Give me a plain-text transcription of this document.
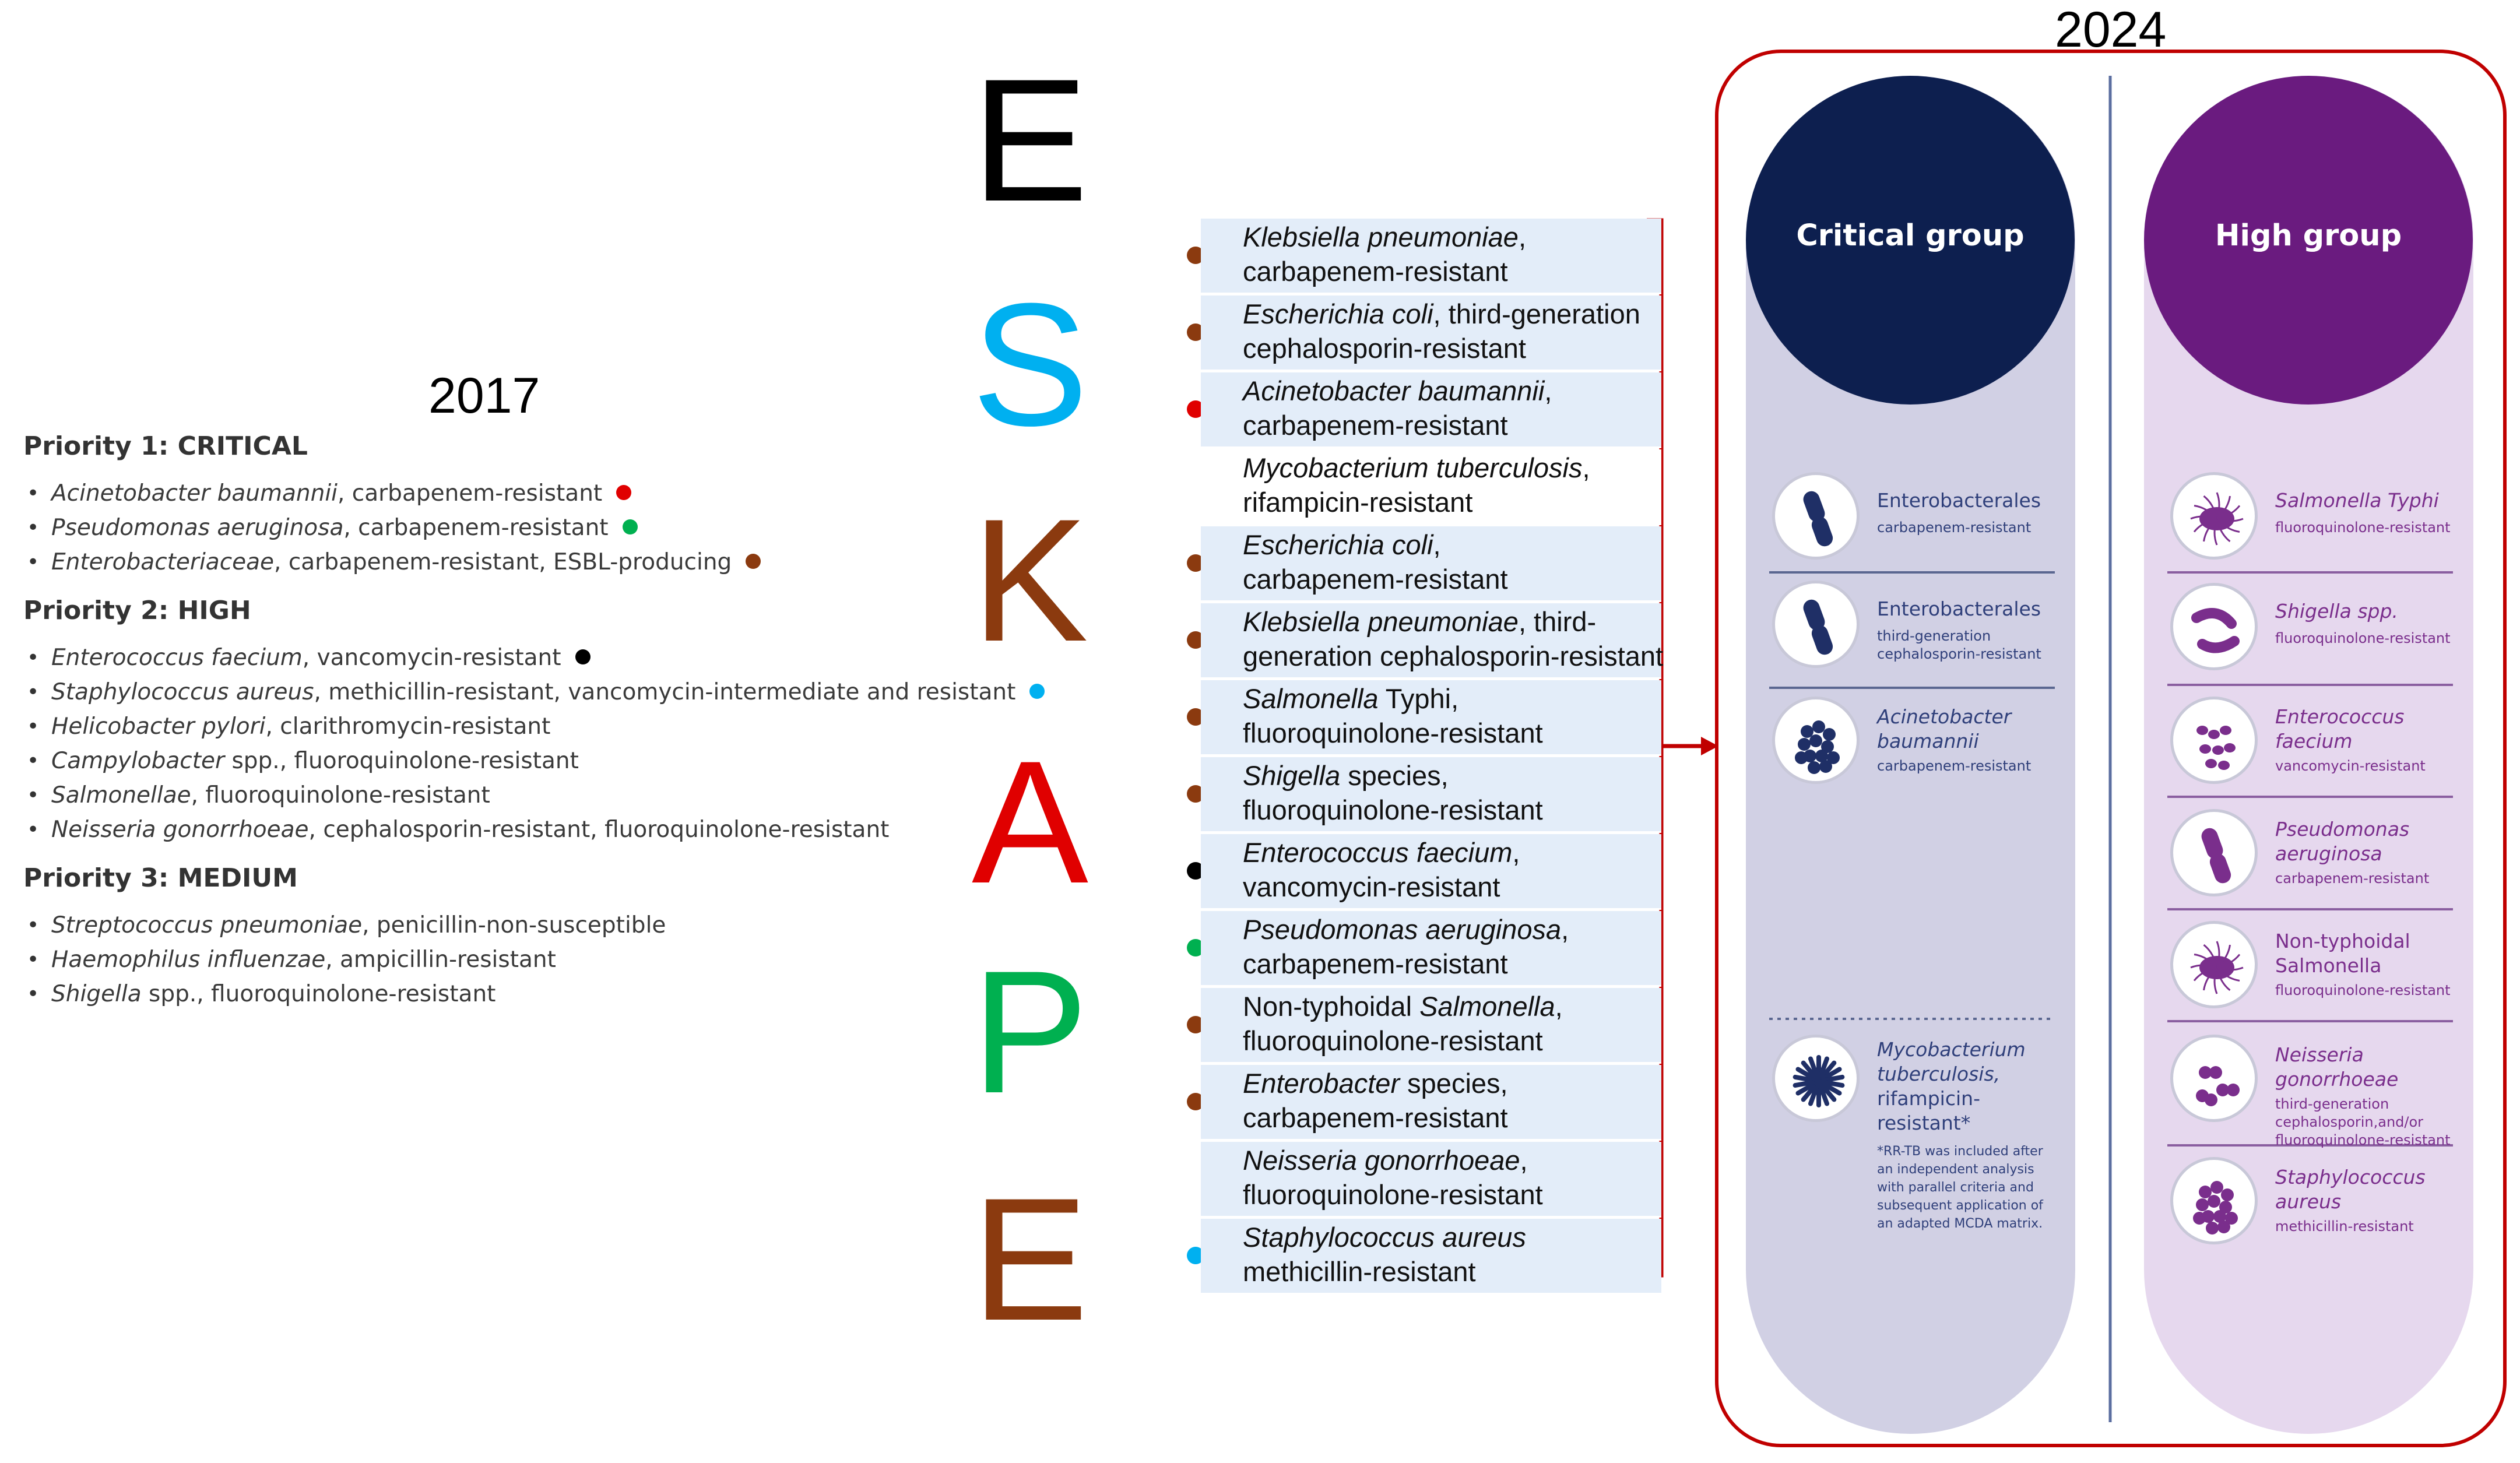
2017
2024
Priority 1: CRITICAL
• Acinetobacter baumannii, carbapenem-resistant
• Pseudomonas aeruginosa, carbapenem-resistant
• Enterobacteriaceae, carbapenem-resistant, ESBL-producing
Priority 2: HIGH
• Enterococcus faecium, vancomycin-resistant
• Staphylococcus aureus, methicillin-resistant, vancomycin-intermediate and resistant
• Helicobacter pylori, clarithromycin-resistant
• Campylobacter spp., fluoroquinolone-resistant
• Salmonellae, fluoroquinolone-resistant
• Neisseria gonorrhoeae, cephalosporin-resistant, fluoroquinolone-resistant
Priority 3: MEDIUM
• Streptococcus pneumoniae, penicillin-non-susceptible
• Haemophilus influenzae, ampicillin-resistant
• Shigella spp., fluoroquinolone-resistant
E
S
K
A
P
E
Klebsiella pneumoniae,
carbapenem-resistant
Escherichia coli, third-generation
cephalosporin-resistant
Acinetobacter baumannii,
carbapenem-resistant
Mycobacterium tuberculosis,
rifampicin-resistant
Escherichia coli,
carbapenem-resistant
Klebsiella pneumoniae, third-
generation cephalosporin-resistant
Salmonella Typhi,
fluoroquinolone-resistant
Shigella species,
fluoroquinolone-resistant
Enterococcus faecium,
vancomycin-resistant
Pseudomonas aeruginosa,
carbapenem-resistant
Non-typhoidal Salmonella,
fluoroquinolone-resistant
Enterobacter species,
carbapenem-resistant
Neisseria gonorrhoeae,
fluoroquinolone-resistant
Staphylococcus aureus
methicillin-resistant
Critical group	High group
Enterobacterales
carbapenem-resistant
Enterobacterales
third-generation
cephalosporin-resistant
Acinetobacter
baumannii
carbapenem-resistant
Mycobacterium
tuberculosis,
rifampicin-
resistant*
*RR-TB was included after
an independent analysis
with parallel criteria and
subsequent application of
an adapted MCDA matrix.
Salmonella Typhi
fluoroquinolone-resistant
Shigella spp.
fluoroquinolone-resistant
Enterococcus
faecium
vancomycin-resistant
Pseudomonas
aeruginosa
carbapenem-resistant
Non-typhoidal
Salmonella
fluoroquinolone-resistant
Neisseria
gonorrhoeae
third-generation
cephalosporin,and/or
fluoroquinolone-resistant
Staphylococcus
aureus
methicillin-resistant
